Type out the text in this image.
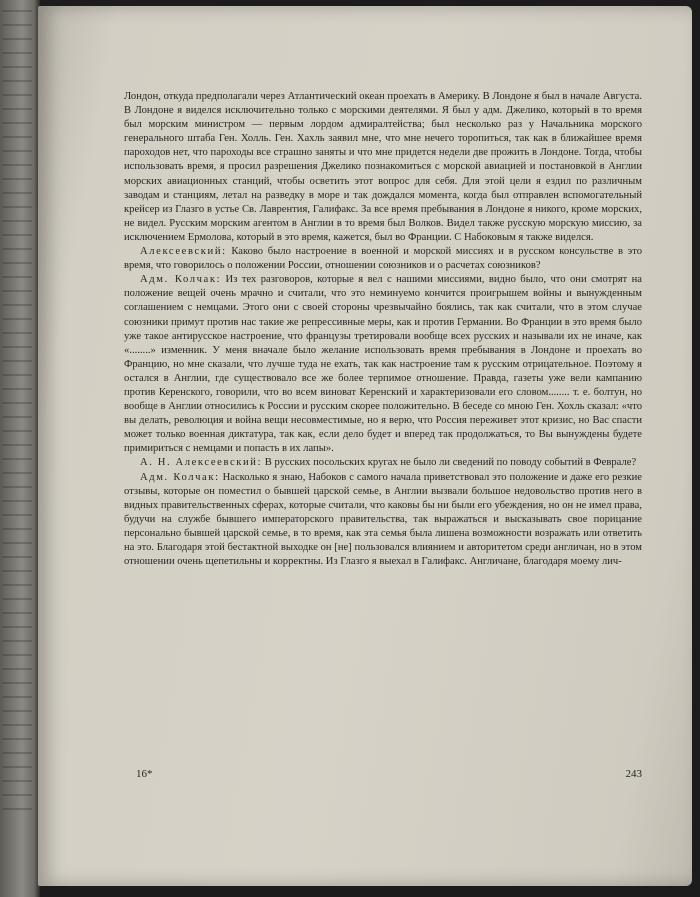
Лондон, откуда предполагали через Атлантический океан проехать в Америку. В Лондоне я был в начале Августа. В Лондоне я виделся исключительно только с морскими деятелями. Я был у адм. Джелико, который в то время был морским министром — первым лордом адмиралтейства; был несколько раз у Начальника морского генерального штаба Ген. Холль. Ген. Хахль заявил мне, что мне нечего торопиться, так как в ближайшее время пароходов нет, что пароходы все страшно заняты и что мне придется недели две прожить в Лондоне. Тогда, чтобы использовать время, я просил разрешения Джелико познакомиться с морской авиацией и постановкой в Англии морских авиационных станций, чтобы осветить этот вопрос для себя. Для этой цели я ездил по различным заводам и станциям, летал на разведку в море и так дождался момента, когда был отправлен вспомогательный крейсер из Глазго в устье Св. Лаврентия, Галифакс. За все время пребывания в Лондоне я никого, кроме морских, не видел. Русским морским агентом в Англии в то время был Волков. Видел также русскую морскую миссию, за исключением Ермолова, который в это время, кажется, был во Франции. С Набоковым я также виделся.

Алексеевский: Каково было настроение в военной и морской миссиях и в русском консульстве в это время, что говорилось о положении России, отношении союзников и о расчетах союзников?

Адм. Колчак: Из тех разговоров, которые я вел с нашими миссиями, видно было, что они смотрят на положение вещей очень мрачно и считали, что это неминуемо кончится проигрышем войны и вынужденным соглашением с немцами. Этого они с своей стороны чрезвычайно боялись, так как считали, что в этом случае союзники примут против нас такие же репрессивные меры, как и против Германии. Во Франции в это время было уже такое антирусское настроение, что французы третировали вообще всех русских и называли их не иначе, как «........» изменник. У меня вначале было желание использовать время пребывания в Лондоне и проехать во Францию, но мне сказали, что лучше туда не ехать, так как настроение там к русским отрицательное. Поэтому я остался в Англии, где существовало все же более терпимое отношение. Правда, газеты уже вели кампанию против Керенского, говорили, что во всем виноват Керенский и характеризовали его словом........ т. е. болтун, но вообще в Англии относились к России и русским скорее положительно. В беседе со мною Ген. Хохль сказал: «что вы делать, революция и война вещи несовместимые, но я верю, что Россия переживет этот кризис, но Вас спасти может только военная диктатура, так как, если дело будет и вперед так продолжаться, то Вы вынуждены будете примириться с немцами и попасть в их лапы».

А. Н. Алексеевский: В русских посольских кругах не было ли сведений по поводу событий в Феврале?

Адм. Колчак: Насколько я знаю, Набоков с самого начала приветствовал это положение и даже его резкие отзывы, которые он поместил о бывшей царской семье, в Англии вызвали большое недовольство против него в видных правительственных сферах, которые считали, что каковы бы ни были его убеждения, но он не имел права, будучи на службе бывшего императорского правительства, так выражаться и высказывать свое порицание персонально бывшей царской семье, в то время, как эта семья была лишена возможности возражать или ответить на это. Благодаря этой бестактной выходке он [не] пользовался влиянием и авторитетом среди англичан, но в этом отношении очень щепетильны и корректны. Из Глазго я выехал в Галифакс. Англичане, благодаря моему лич-

16*	243
